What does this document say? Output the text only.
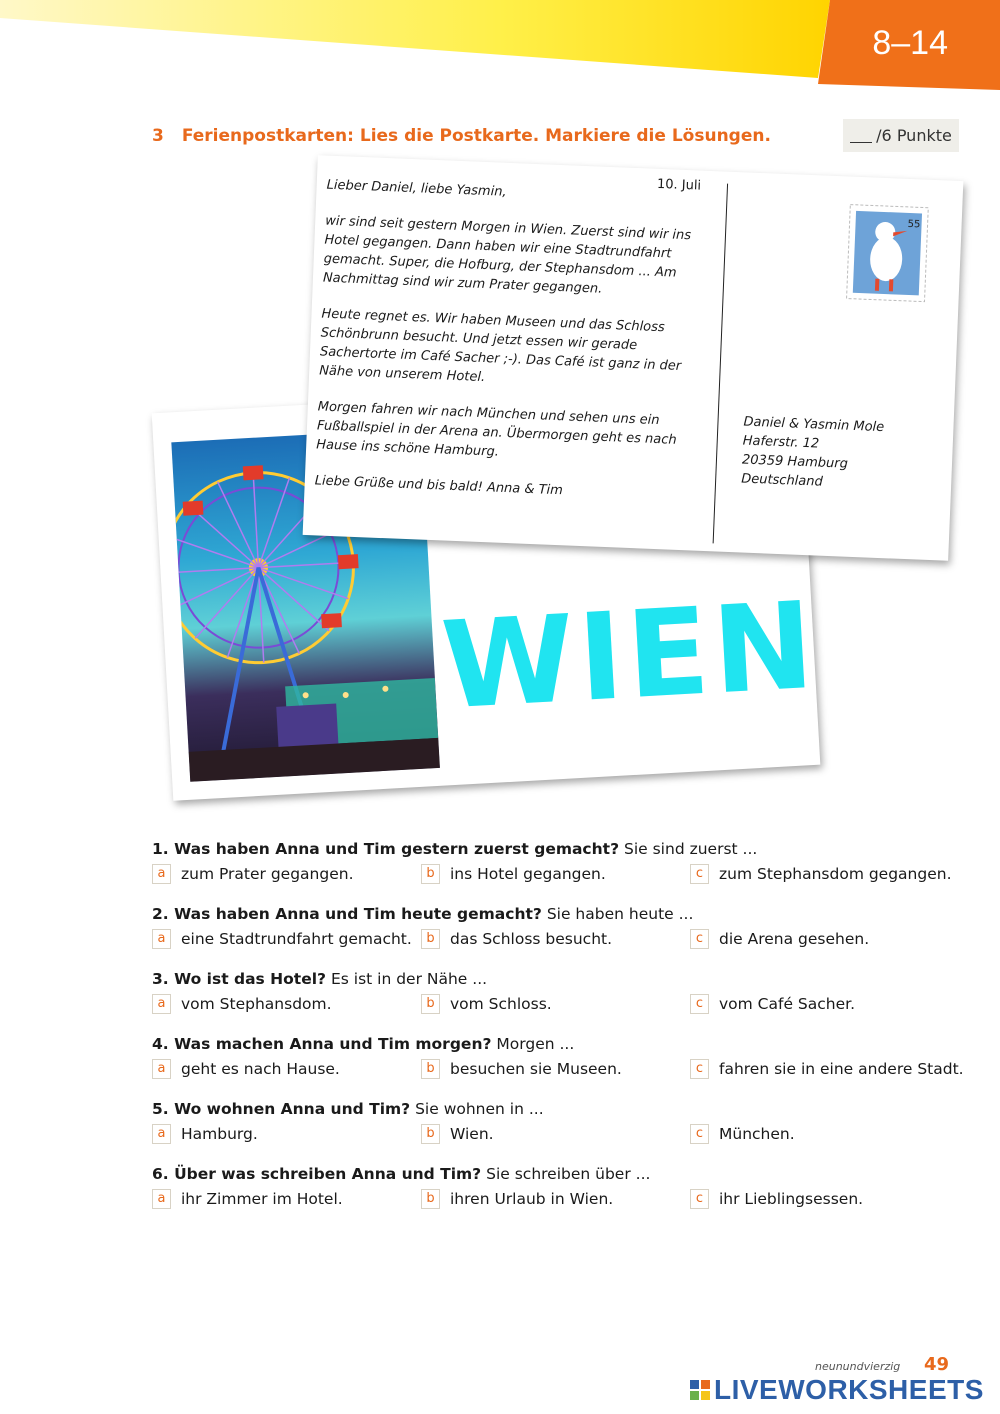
8–14
3 Ferienpostkarten: Lies die Postkarte. Markiere die Lösungen.	/6 Punkte
WIEN
10. Juli

Lieber Daniel, liebe Yasmin,

wir sind seit gestern Morgen in Wien. Zuerst sind wir ins Hotel gegangen. Dann haben wir eine Stadtrundfahrt gemacht. Super, die Hofburg, der Stephansdom ... Am Nachmittag sind wir zum Prater gegangen.

Heute regnet es. Wir haben Museen und das Schloss Schönbrunn besucht. Und jetzt essen wir gerade Sachertorte im Café Sacher ;-). Das Café ist ganz in der Nähe von unserem Hotel.

Morgen fahren wir nach München und sehen uns ein Fußballspiel in der Arena an. Übermorgen geht es nach Hause ins schöne Hamburg.

Liebe Grüße und bis bald! Anna & Tim

55
Daniel & Yasmin Mole
Haferstr. 12
20359 Hamburg
Deutschland
1. Was haben Anna und Tim gestern zuerst gemacht? Sie sind zuerst ...
a	zum Prater gegangen.	b ins Hotel gegangen.	c	zum Stephansdom gegangen.
2. Was haben Anna und Tim heute gemacht? Sie haben heute ...
a	eine Stadtrundfahrt gemacht.	b das Schloss besucht.	c	die Arena gesehen.
3. Wo ist das Hotel? Es ist in der Nähe ...
a	vom Stephansdom.	b vom Schloss.	c	vom Café Sacher.
4. Was machen Anna und Tim morgen? Morgen ...
a	geht es nach Hause.	b besuchen sie Museen.	c	fahren sie in eine andere Stadt.
5. Wo wohnen Anna und Tim? Sie wohnen in ...
a	Hamburg.	b Wien.	c	München.
6. Über was schreiben Anna und Tim? Sie schreiben über ...
a	ihr Zimmer im Hotel.	b ihren Urlaub in Wien.	c	ihr Lieblingsessen.
neunundvierzig 49
LIVEWORKSHEETS
